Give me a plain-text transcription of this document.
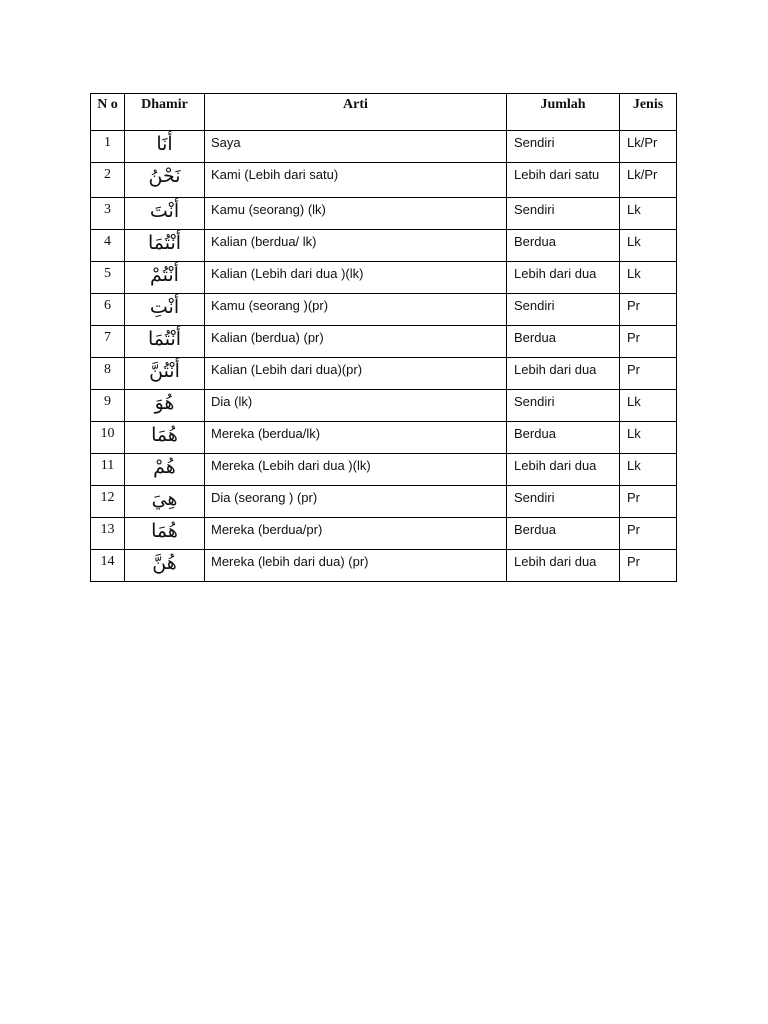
N o	Dhamir	Arti	Jumlah	Jenis
1	أَنَا	Saya	Sendiri	Lk/Pr
2	نَحْنُ	Kami (Lebih dari satu)	Lebih dari satu	Lk/Pr
3	أَنْتَ	Kamu (seorang) (lk)	Sendiri	Lk
4	أَنْتُمَا	Kalian (berdua/ lk)	Berdua	Lk
5	أَنْتُمْ	Kalian (Lebih dari dua )(lk)	Lebih dari dua	Lk
6	أَنْتِ	Kamu (seorang )(pr)	Sendiri	Pr
7	أَنْتُمَا	Kalian (berdua) (pr)	Berdua	Pr
8	أَنْتُنَّ	Kalian (Lebih dari dua)(pr)	Lebih dari dua	Pr
9	هُوَ	Dia (lk)	Sendiri	Lk
10	هُمَا	Mereka (berdua/lk)	Berdua	Lk
11	هُمْ	Mereka (Lebih dari dua )(lk)	Lebih dari dua	Lk
12	هِيَ	Dia (seorang ) (pr)	Sendiri	Pr
13	هُمَا	Mereka (berdua/pr)	Berdua	Pr
14	هُنَّ	Mereka (lebih dari dua) (pr)	Lebih dari dua	Pr
